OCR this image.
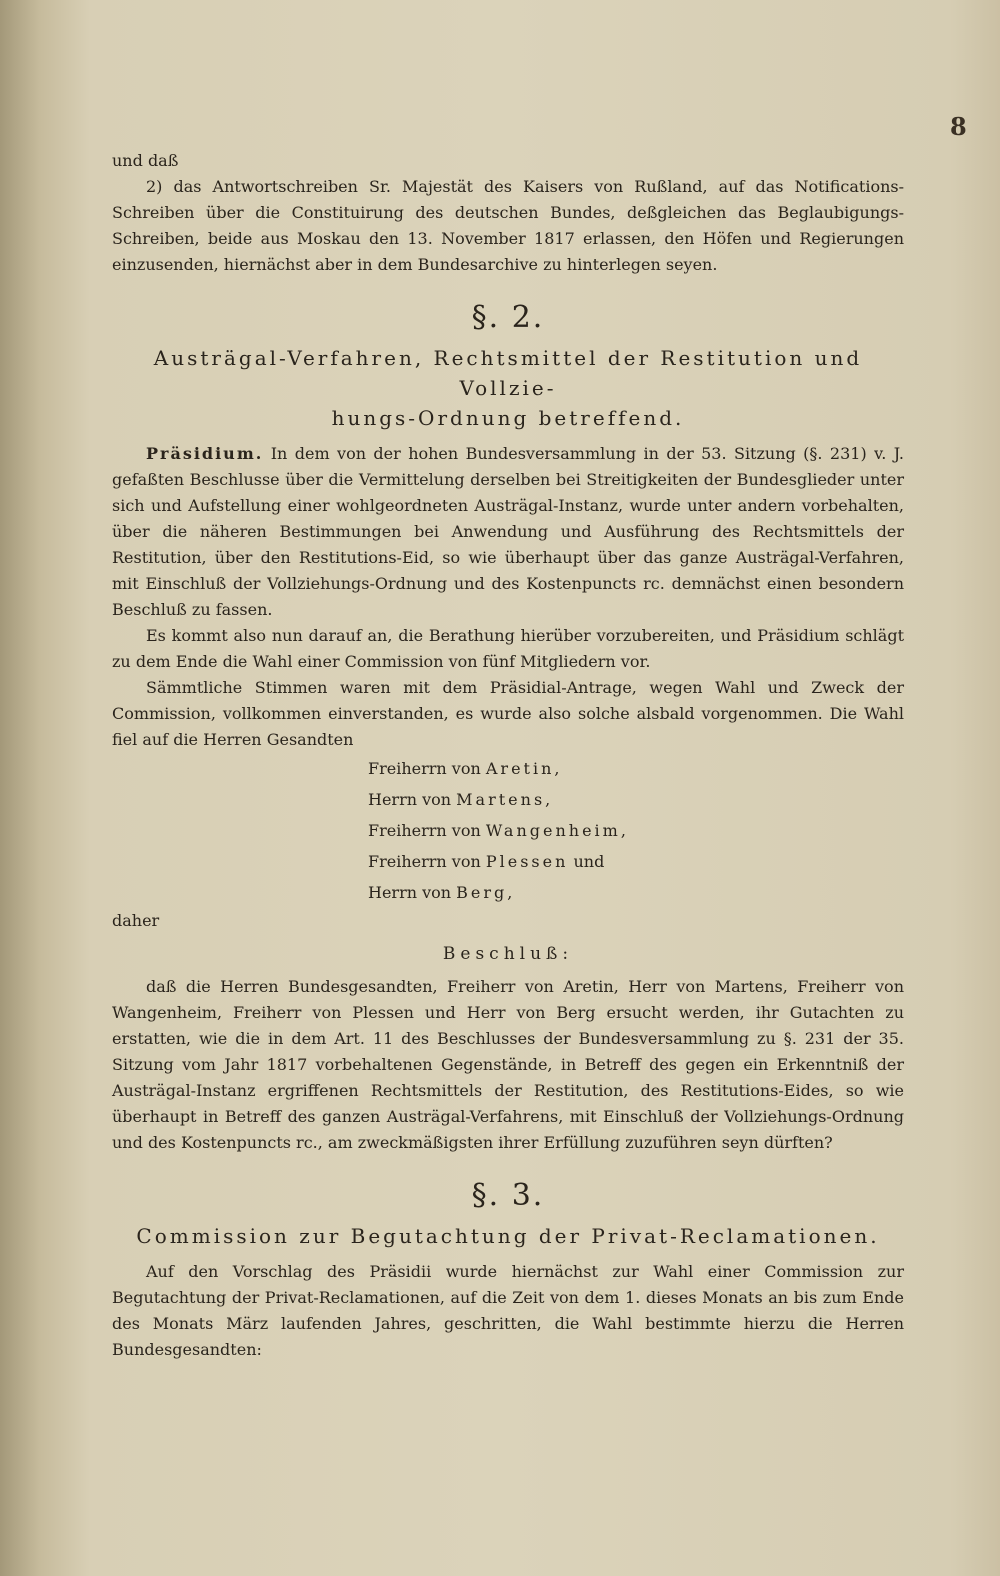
8
und daß

2) das Antwortschreiben Sr. Majestät des Kaisers von Rußland, auf das Notifications-Schreiben über die Constituirung des deutschen Bundes, deßgleichen das Beglaubigungs-Schreiben, beide aus Moskau den 13. November 1817 erlassen, den Höfen und Regierungen einzusenden, hiernächst aber in dem Bundesarchive zu hinterlegen seyen.

§. 2.
Austrägal-Verfahren, Rechtsmittel der Restitution und Vollzie-
hungs-Ordnung betreffend.

Präsidium. In dem von der hohen Bundesversammlung in der 53. Sitzung (§. 231) v. J. gefaßten Beschlusse über die Vermittelung derselben bei Streitigkeiten der Bundesglieder unter sich und Aufstellung einer wohlgeordneten Austrägal-Instanz, wurde unter andern vorbehalten, über die näheren Bestimmungen bei Anwendung und Ausführung des Rechtsmittels der Restitution, über den Restitutions-Eid, so wie überhaupt über das ganze Austrägal-Verfahren, mit Einschluß der Vollziehungs-Ordnung und des Kostenpuncts rc. demnächst einen besondern Beschluß zu fassen.

Es kommt also nun darauf an, die Berathung hierüber vorzubereiten, und Präsidium schlägt zu dem Ende die Wahl einer Commission von fünf Mitgliedern vor.

Sämmtliche Stimmen waren mit dem Präsidial-Antrage, wegen Wahl und Zweck der Commission, vollkommen einverstanden, es wurde also solche alsbald vorgenommen. Die Wahl fiel auf die Herren Gesandten

Freiherrn von Aretin,
Herrn von Martens,
Freiherrn von Wangenheim,
Freiherrn von Plessen und
Herrn von Berg,
daher
Beschluß:

daß die Herren Bundesgesandten, Freiherr von Aretin, Herr von Martens, Freiherr von Wangenheim, Freiherr von Plessen und Herr von Berg ersucht werden, ihr Gutachten zu erstatten, wie die in dem Art. 11 des Beschlusses der Bundesversammlung zu §. 231 der 35. Sitzung vom Jahr 1817 vorbehaltenen Gegenstände, in Betreff des gegen ein Erkenntniß der Austrägal-Instanz ergriffenen Rechtsmittels der Restitution, des Restitutions-Eides, so wie überhaupt in Betreff des ganzen Austrägal-Verfahrens, mit Einschluß der Vollziehungs-Ordnung und des Kostenpuncts rc., am zweckmäßigsten ihrer Erfüllung zuzuführen seyn dürften?

§. 3.
Commission zur Begutachtung der Privat-Reclamationen.

Auf den Vorschlag des Präsidii wurde hiernächst zur Wahl einer Commission zur Begutachtung der Privat-Reclamationen, auf die Zeit von dem 1. dieses Monats an bis zum Ende des Monats März laufenden Jahres, geschritten, die Wahl bestimmte hierzu die Herren Bundesgesandten:
